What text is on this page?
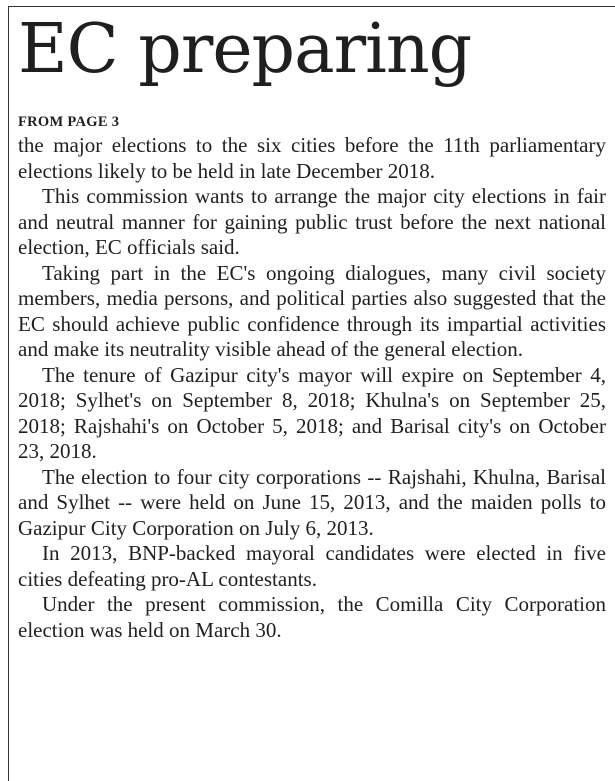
EC preparing
FROM PAGE 3

the major elections to the six cities before the 11th parliamentary elections likely to be held in late December 2018.

This commission wants to arrange the major city elections in fair and neutral manner for gaining public trust before the next national election, EC officials said.

Taking part in the EC's ongoing dialogues, many civil society members, media persons, and political parties also suggested that the EC should achieve public confidence through its impartial activities and make its neutrality visible ahead of the general election.

The tenure of Gazipur city's mayor will expire on September 4, 2018; Sylhet's on September 8, 2018; Khulna's on September 25, 2018; Rajshahi's on October 5, 2018; and Barisal city's on October 23, 2018.

The election to four city corporations -- Rajshahi, Khulna, Barisal and Sylhet -- were held on June 15, 2013, and the maiden polls to Gazipur City Corporation on July 6, 2013.

In 2013, BNP-backed mayoral candidates were elected in five cities defeating pro-AL contestants.

Under the present commission, the Comilla City Corporation election was held on March 30.
